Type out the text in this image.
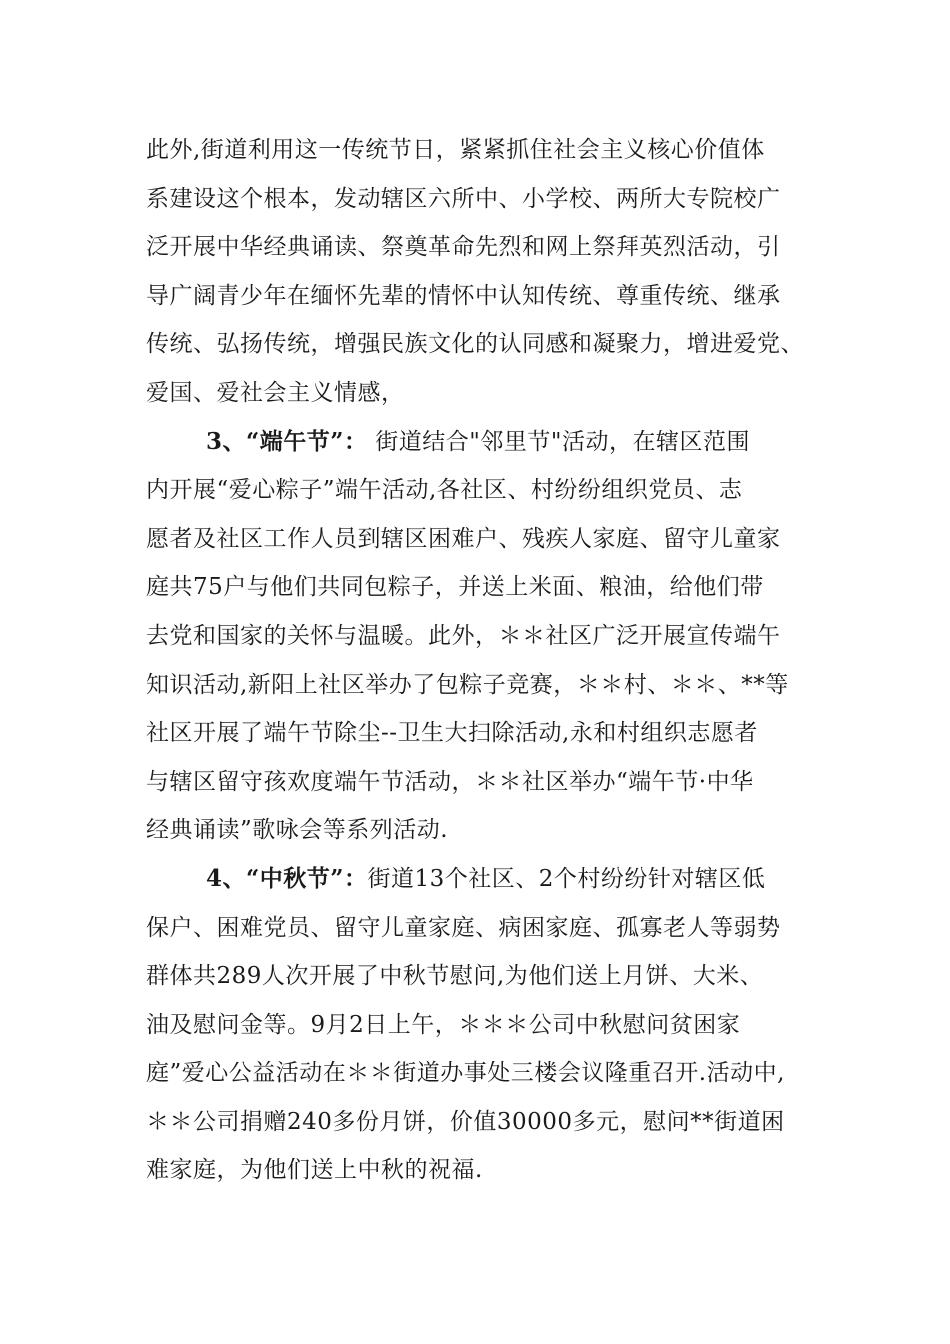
此外,街道利用这一传统节日，紧紧抓住社会主义核心价值体
系建设这个根本，发动辖区六所中、小学校、两所大专院校广
泛开展中华经典诵读、祭奠革命先烈和网上祭拜英烈活动，引
导广阔青少年在缅怀先辈的情怀中认知传统、尊重传统、继承
传统、弘扬传统，增强民族文化的认同感和凝聚力，增进爱党、
爱国、爱社会主义情感，
3、“端午节”： 街道结合"邻里节"活动，在辖区范围
内开展“爱心粽子”端午活动,各社区、村纷纷组织党员、志
愿者及社区工作人员到辖区困难户、残疾人家庭、留守儿童家
庭共75户与他们共同包粽子，并送上米面、粮油，给他们带
去党和国家的关怀与温暖。此外，＊＊社区广泛开展宣传端午
知识活动,新阳上社区举办了包粽子竞赛，＊＊村、＊＊、**等
社区开展了端午节除尘--卫生大扫除活动,永和村组织志愿者
与辖区留守孩欢度端午节活动，＊＊社区举办“端午节·中华
经典诵读”歌咏会等系列活动.
4、“中秋节”：街道13个社区、2个村纷纷针对辖区低
保户、困难党员、留守儿童家庭、病困家庭、孤寡老人等弱势
群体共289人次开展了中秋节慰问,为他们送上月饼、大米、
油及慰问金等。9月2日上午，＊＊＊公司中秋慰问贫困家
庭”爱心公益活动在＊＊街道办事处三楼会议隆重召开.活动中,
＊＊公司捐赠240多份月饼，价值30000多元，慰问**街道困
难家庭，为他们送上中秋的祝福.
